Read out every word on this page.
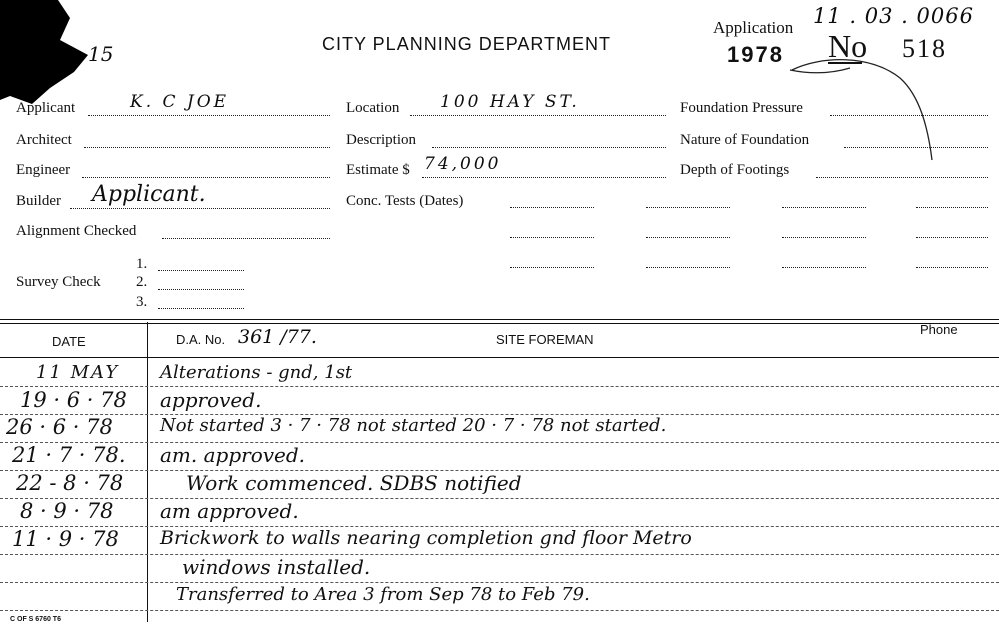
15	CITY PLANNING DEPARTMENT
Application 11 . 03 . 0066
1978 No 518
Applicant	K. C JOE
Architect
Engineer
Builder Applicant.
Alignment Checked
Survey Check
1.
2.
3.
Location 100 HAY ST.
Description
Estimate $ 74,000
Conc. Tests (Dates)
Foundation Pressure
Nature of Foundation
Depth of Footings
DATE	D.A. No. 361 /77.	SITE FOREMAN
Phone
11 MAY	Alterations - gnd, 1st
19 · 6 · 78	approved.
26 · 6 · 78	Not started 3 · 7 · 78 not started 20 · 7 · 78 not started.
21 · 7 · 78.	am. approved.
22 - 8 · 78	Work commenced. SDBS notified
8 · 9 · 78	am approved.
11 · 9 · 78	Brickwork to walls nearing completion gnd floor Metro
windows installed.
Transferred to Area 3 from Sep 78 to Feb 79.
C OF S 6760 T6
